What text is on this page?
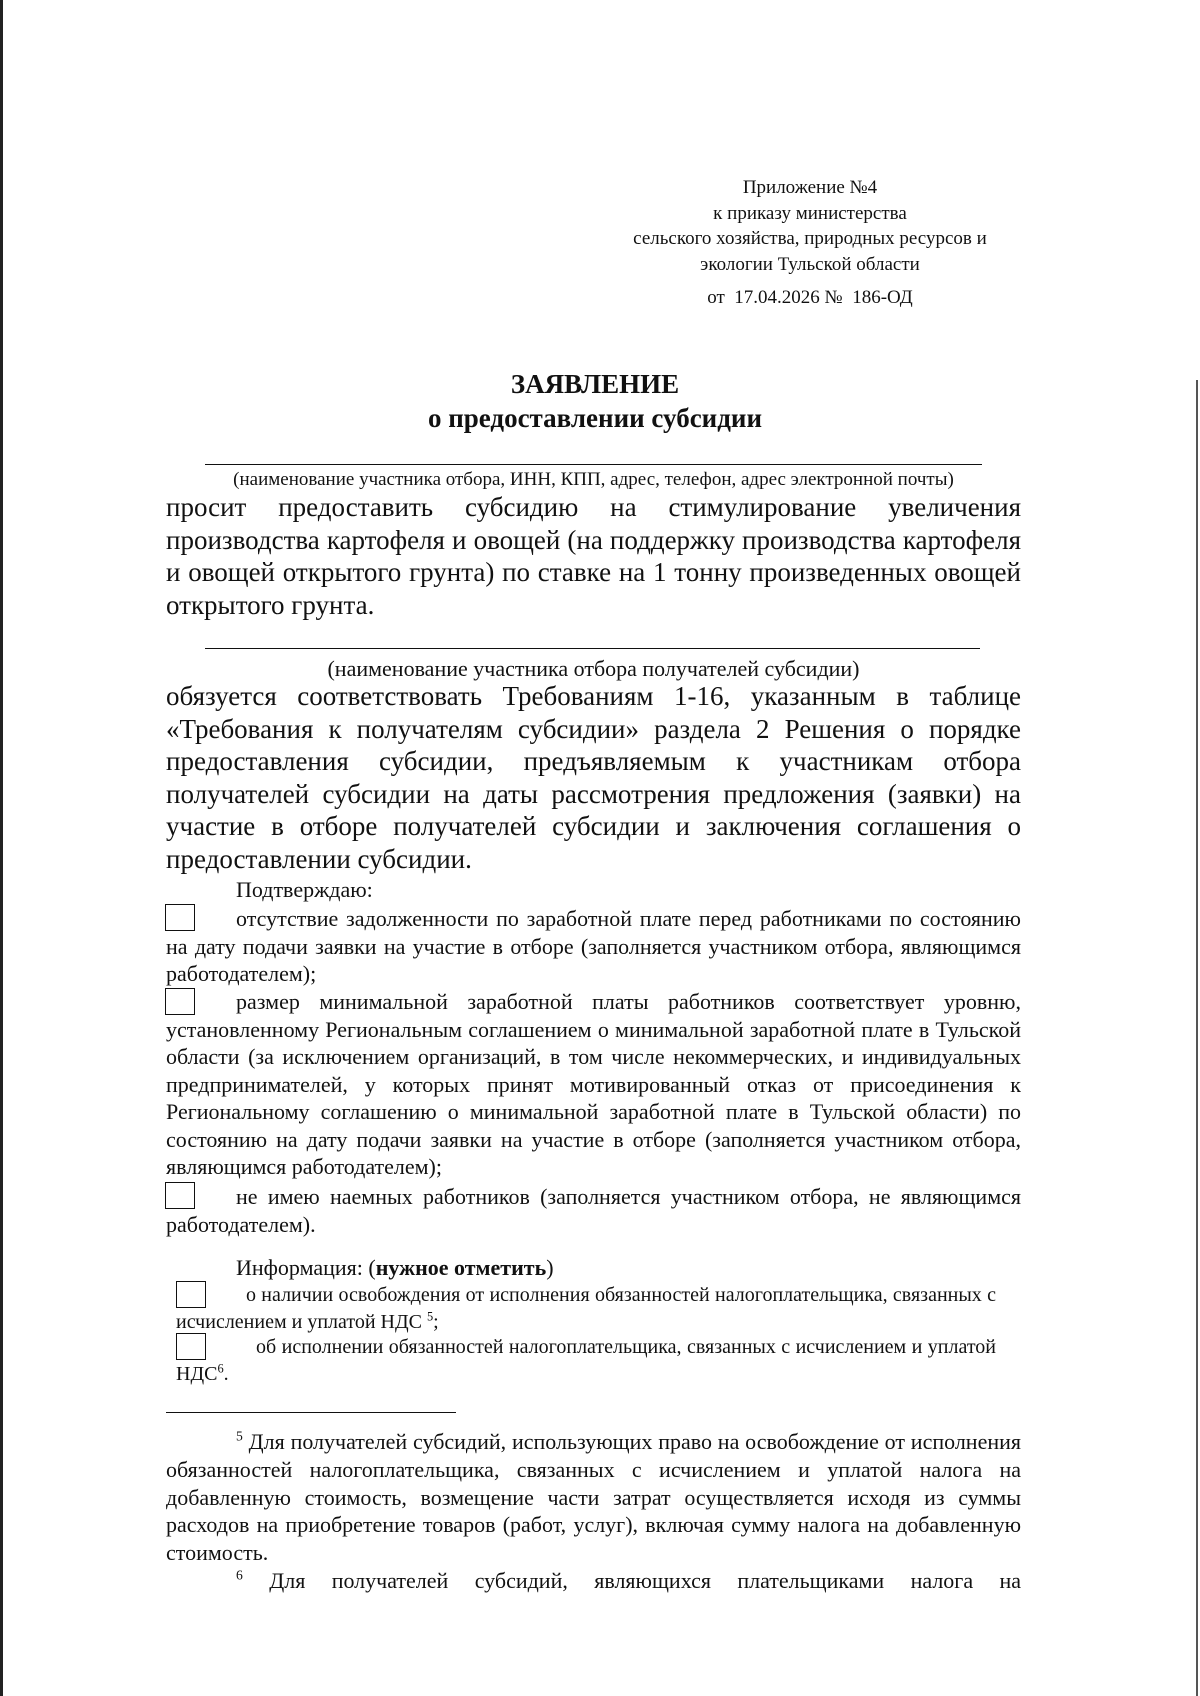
Приложение №4
к приказу министерства
сельского хозяйства, природных ресурсов и
экологии Тульской области
от 17.04.2026 № 186-ОД
ЗАЯВЛЕНИЕ
о предоставлении субсидии
(наименование участника отбора, ИНН, КПП, адрес, телефон, адрес электронной почты)
просит предоставить субсидию на стимулирование увеличения производства картофеля и овощей (на поддержку производства картофеля и овощей открытого грунта) по ставке на 1 тонну произведенных овощей открытого грунта.
(наименование участника отбора получателей субсидии)
обязуется соответствовать Требованиям 1-16, указанным в таблице «Требования к получателям субсидии» раздела 2 Решения о порядке предоставления субсидии, предъявляемым к участникам отбора получателей субсидии на даты рассмотрения предложения (заявки) на участие в отборе получателей субсидии и заключения соглашения о предоставлении субсидии.
Подтверждаю:
отсутствие задолженности по заработной плате перед работниками по состоянию на дату подачи заявки на участие в отборе (заполняется участником отбора, являющимся работодателем);
размер минимальной заработной платы работников соответствует уровню, установленному Региональным соглашением о минимальной заработной плате в Тульской области (за исключением организаций, в том числе некоммерческих, и индивидуальных предпринимателей, у которых принят мотивированный отказ от присоединения к Региональному соглашению о минимальной заработной плате в Тульской области) по состоянию на дату подачи заявки на участие в отборе (заполняется участником отбора, являющимся работодателем);
не имею наемных работников (заполняется участником отбора, не являющимся работодателем).
Информация: (нужное отметить)
о наличии освобождения от исполнения обязанностей налогоплательщика, связанных с исчислением и уплатой НДС $^5$;
об исполнении обязанностей налогоплательщика, связанных с исчислением и уплатой НДС$^6$.
$^5$ Для получателей субсидий, использующих право на освобождение от исполнения обязанностей налогоплательщика, связанных с исчислением и уплатой налога на добавленную стоимость, возмещение части затрат осуществляется исходя из суммы расходов на приобретение товаров (работ, услуг), включая сумму налога на добавленную стоимость.
$^6$ Для получателей субсидий, являющихся плательщиками налога на
